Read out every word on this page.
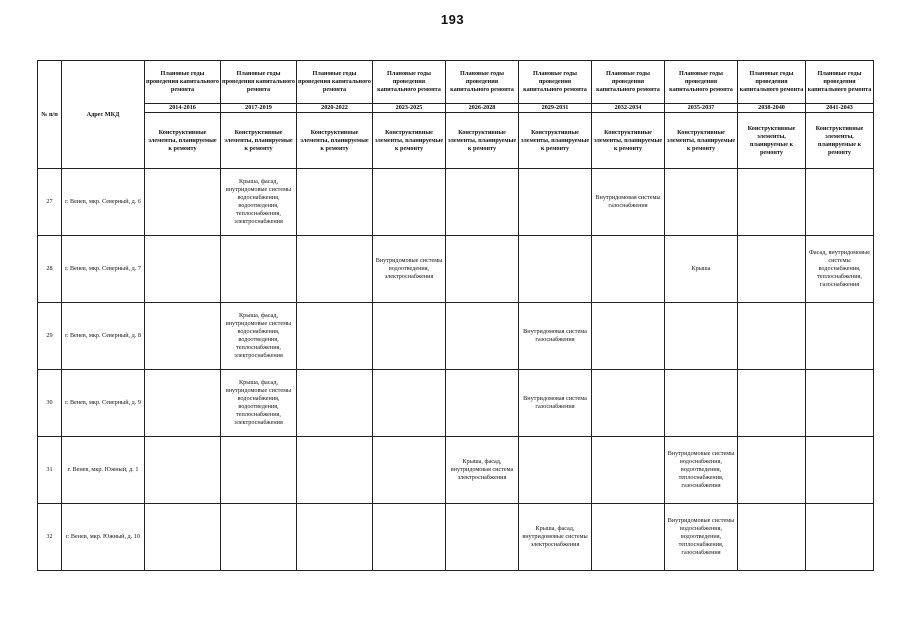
193
№ п/п	Адрес МКД	Плановые годы проведения капитального ремонта	Плановые годы проведения капитального ремонта	Плановые годы проведения капитального ремонта	Плановые годы проведения капитального ремонта	Плановые годы проведения капитального ремонта	Плановые годы проведения капитального ремонта	Плановые годы проведения капитального ремонта	Плановые годы проведения капитального ремонта	Плановые годы проведения капитального ремонта	Плановые годы проведения капитального ремонта
		2014-2016	2017-2019	2020-2022	2023-2025	2026-2028	2029-2031	2032-2034	2035-2037	2038-2040	2041-2043
		Конструктивные элементы, планируемые к ремонту	Конструктивные элементы, планируемые к ремонту	Конструктивные элементы, планируемые к ремонту	Конструктивные элементы, планируемые к ремонту	Конструктивные элементы, планируемые к ремонту	Конструктивные элементы, планируемые к ремонту	Конструктивные элементы, планируемые к ремонту	Конструктивные элементы, планируемые к ремонту	Конструктивные элементы, планируемые к ремонту	Конструктивные элементы, планируемые к ремонту
27	г. Венев, мкр. Северный, д. 6		Крыша, фасад, внутридомовые системы водоснабжения, водоотведения, теплоснабжения, электроснабжения					Внутридомовая системы газоснабжения			
28	г. Венев, мкр. Северный, д. 7				Внутридомовые системы водоотведения, электроснабжения				Крыша		Фасад, внутридомовые системы водоснабжения, теплоснабжения, газоснабжения
29	г. Венев, мкр. Северный, д. 8		Крыша, фасад, внутридомовые системы водоснабжения, водоотведения, теплоснабжения, электроснабжения				Внутридомовая система газоснабжения				
30	г. Венев, мкр. Северный, д. 9		Крыша, фасад, внутридомовые системы водоснабжения, водоотведения, теплоснабжения, электроснабжения				Внутридомовая система газоснабжения				
31	г. Венев, мкр. Южный, д. 1					Крыша, фасад, внутридомовая система электроснабжения			Внутридомовые системы водоснабжения, водоотведения, теплоснабжения, газоснабжения		
32	г. Венев, мкр. Южный, д. 10						Крыша, фасад, внутридомовые системы электроснабжения		Внутридомовые системы водоснабжения, водоотведения, теплоснабжения, газоснабжения		
